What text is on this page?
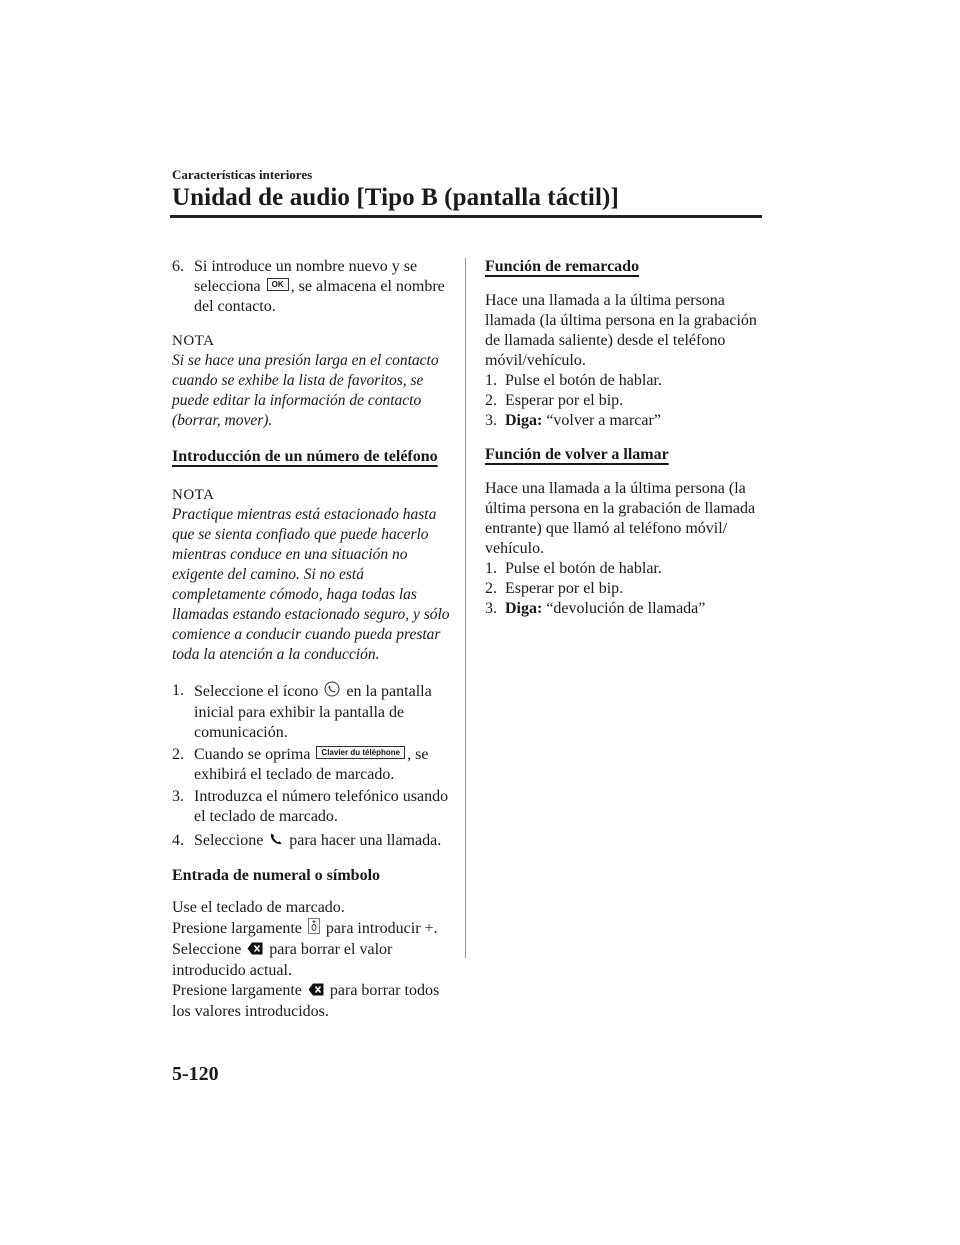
Características interiores
Unidad de audio [Tipo B (pantalla táctil)]
6. Si introduce un nombre nuevo y se selecciona OK , se almacena el nombre del contacto.
NOTA
Si se hace una presión larga en el contacto cuando se exhibe la lista de favoritos, se puede editar la información de contacto (borrar, mover).
Introducción de un número de teléfono
NOTA
Practique mientras está estacionado hasta que se sienta confiado que puede hacerlo mientras conduce en una situación no exigente del camino. Si no está completamente cómodo, haga todas las llamadas estando estacionado seguro, y sólo comience a conducir cuando pueda prestar toda la atención a la conducción.
1. Seleccione el ícono  en la pantalla inicial para exhibir la pantalla de comunicación.
2. Cuando se oprima Clavier du téléphone , se exhibirá el teclado de marcado.
3. Introduzca el número telefónico usando el teclado de marcado.
4. Seleccione  para hacer una llamada.
Entrada de numeral o símbolo
Use el teclado de marcado.
Presione largamente  para introducir +.
Seleccione  para borrar el valor introducido actual.
Presione largamente  para borrar todos los valores introducidos.
Función de remarcado
Hace una llamada a la última persona llamada (la última persona en la grabación de llamada saliente) desde el teléfono móvil/vehículo.
1. Pulse el botón de hablar.
2. Esperar por el bip.
3. Diga: “volver a marcar”
Función de volver a llamar
Hace una llamada a la última persona (la última persona en la grabación de llamada entrante) que llamó al teléfono móvil/ vehículo.
1. Pulse el botón de hablar.
2. Esperar por el bip.
3. Diga: “devolución de llamada”
5-120
